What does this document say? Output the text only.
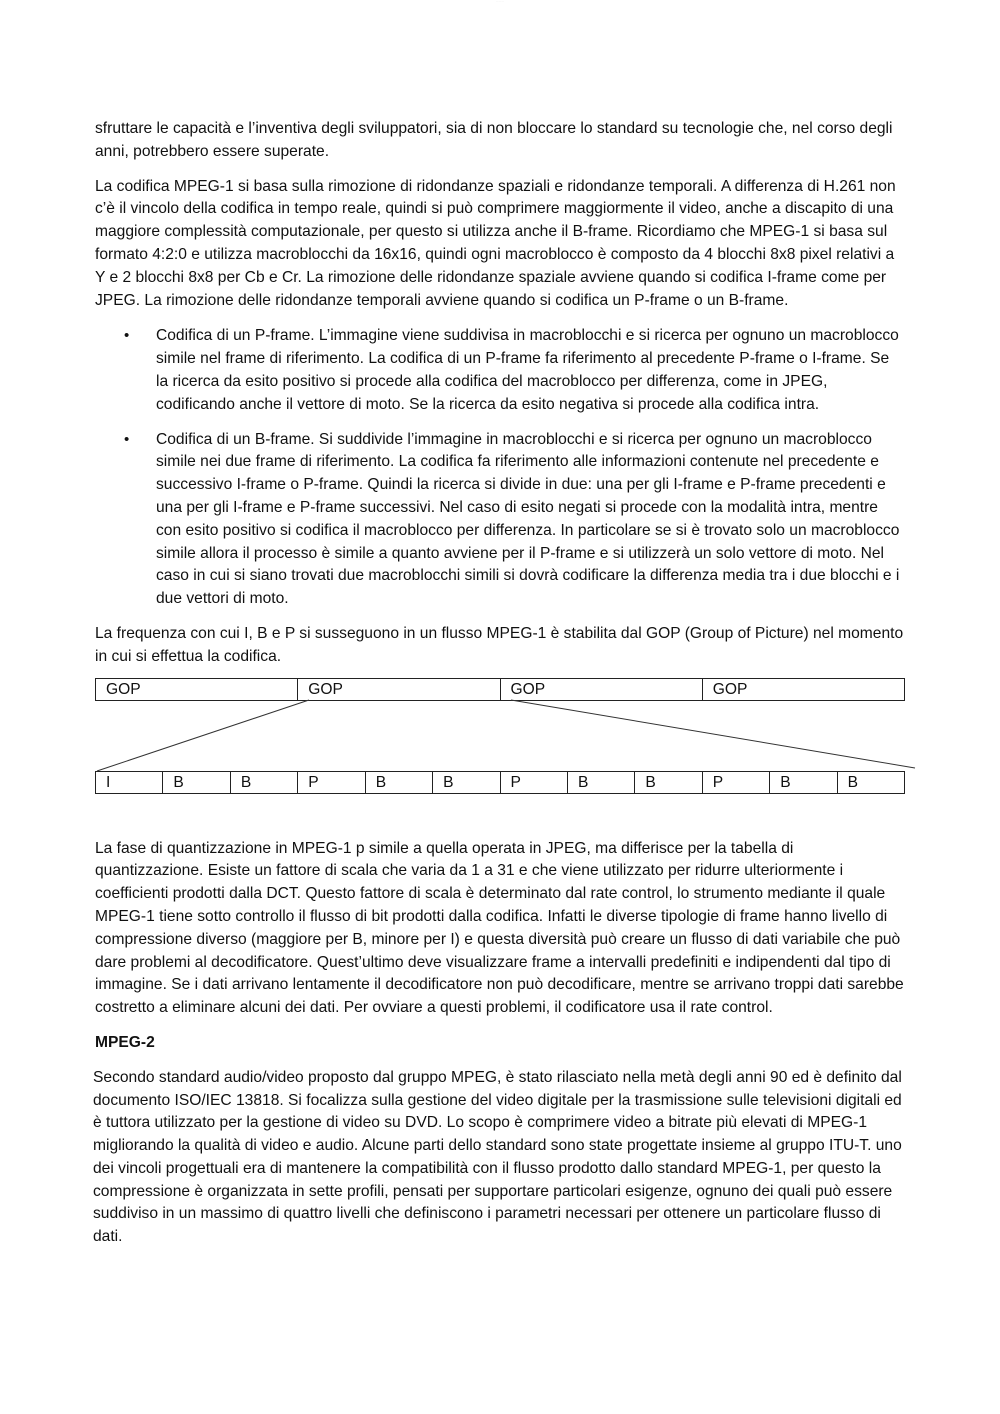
·· ··· ··

sfruttare le capacità e l’inventiva degli sviluppatori, sia di non bloccare lo standard su tecnologie che, nel corso degli anni, potrebbero essere superate.

La codifica MPEG-1 si basa sulla rimozione di ridondanze spaziali e ridondanze temporali. A differenza di H.261 non c’è il vincolo della codifica in tempo reale, quindi si può comprimere maggiormente il video, anche a discapito di una maggiore complessità computazionale, per questo si utilizza anche il B-frame. Ricordiamo che MPEG-1 si basa sul formato 4:2:0 e utilizza macroblocchi da 16x16, quindi ogni macroblocco è composto da 4 blocchi 8x8 pixel relativi a Y e 2 blocchi 8x8 per Cb e Cr. La rimozione delle ridondanze spaziale avviene quando si codifica I-frame come per JPEG. La rimozione delle ridondanze temporali avviene quando si codifica un P-frame o un B-frame.

• Codifica di un P-frame. L’immagine viene suddivisa in macroblocchi e si ricerca per ognuno un macroblocco simile nel frame di riferimento. La codifica di un P-frame fa riferimento al precedente P-frame o I-frame. Se la ricerca da esito positivo si procede alla codifica del macroblocco per differenza, come in JPEG, codificando anche il vettore di moto. Se la ricerca da esito negativa si procede alla codifica intra.
• Codifica di un B-frame. Si suddivide l’immagine in macroblocchi e si ricerca per ognuno un macroblocco simile nei due frame di riferimento. La codifica fa riferimento alle informazioni contenute nel precedente e successivo I-frame o P-frame. Quindi la ricerca si divide in due: una per gli I-frame e P-frame precedenti e una per gli I-frame e P-frame successivi. Nel caso di esito negati si procede con la modalità intra, mentre con esito positivo si codifica il macroblocco per differenza. In particolare se si è trovato solo un macroblocco simile allora il processo è simile a quanto avviene per il P-frame e si utilizzerà un solo vettore di moto. Nel caso in cui si siano trovati due macroblocchi simili si dovrà codificare la differenza media tra i due blocchi e i due vettori di moto.

La frequenza con cui I, B e P si susseguono in un flusso MPEG-1 è stabilita dal GOP (Group of Picture) nel momento in cui si effettua la codifica.

GOP	GOP	GOP	GOP
I	B	B	P	B	B	P	B	B	P	B	B

La fase di quantizzazione in MPEG-1 p simile a quella operata in JPEG, ma differisce per la tabella di quantizzazione. Esiste un fattore di scala che varia da 1 a 31 e che viene utilizzato per ridurre ulteriormente i coefficienti prodotti dalla DCT. Questo fattore di scala è determinato dal rate control, lo strumento mediante il quale MPEG-1 tiene sotto controllo il flusso di bit prodotti dalla codifica. Infatti le diverse tipologie di frame hanno livello di compressione diverso (maggiore per B, minore per I) e questa diversità può creare un flusso di dati variabile che può dare problemi al decodificatore. Quest’ultimo deve visualizzare frame a intervalli predefiniti e indipendenti dal tipo di immagine. Se i dati arrivano lentamente il decodificatore non può decodificare, mentre se arrivano troppi dati sarebbe costretto a eliminare alcuni dei dati. Per ovviare a questi problemi, il codificatore usa il rate control.

MPEG-2

Secondo standard audio/video proposto dal gruppo MPEG, è stato rilasciato nella metà degli anni 90 ed è definito dal documento ISO/IEC 13818. Si focalizza sulla gestione del video digitale per la trasmissione sulle televisioni digitali ed è tuttora utilizzato per la gestione di video su DVD. Lo scopo è comprimere video a bitrate più elevati di MPEG-1 migliorando la qualità di video e audio. Alcune parti dello standard sono state progettate insieme al gruppo ITU-T. uno dei vincoli progettuali era di mantenere la compatibilità con il flusso prodotto dallo standard MPEG-1, per questo la compressione è organizzata in sette profili, pensati per supportare particolari esigenze, ognuno dei quali può essere suddiviso in un massimo di quattro livelli che definiscono i parametri necessari per ottenere un particolare flusso di dati.
